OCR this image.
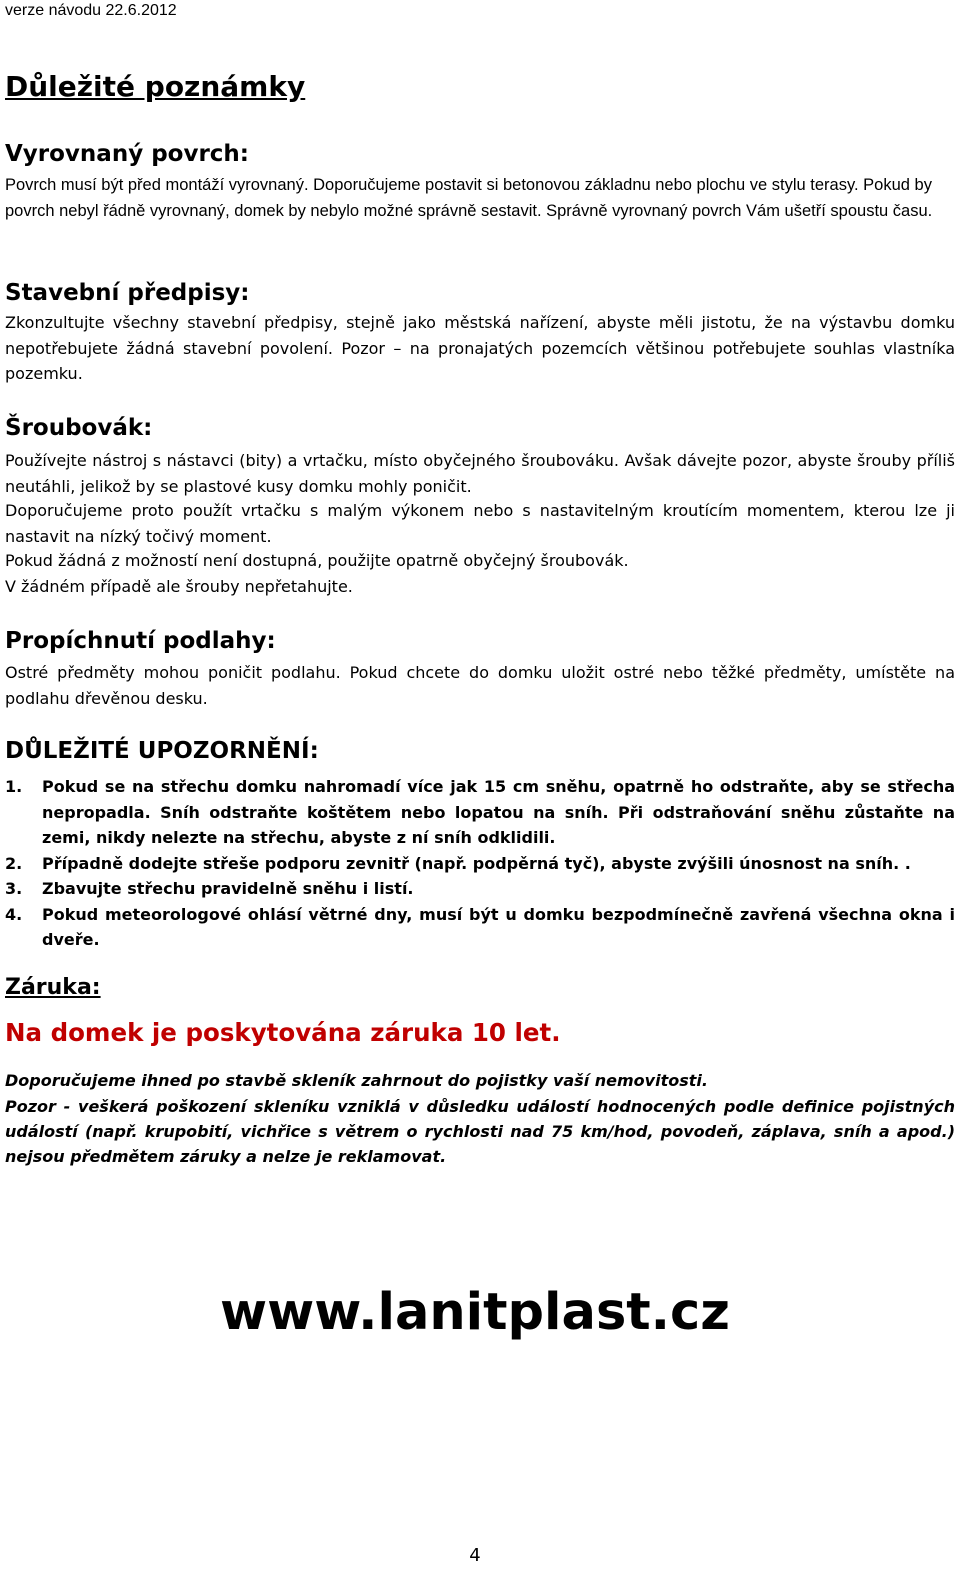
verze návodu 22.6.2012
Důležité poznámky
Vyrovnaný povrch:

Povrch musí být před montáží vyrovnaný. Doporučujeme postavit si betonovou základnu nebo plochu ve stylu terasy. Pokud by povrch nebyl řádně vyrovnaný, domek by nebylo možné správně sestavit. Správně vyrovnaný povrch Vám ušetří spoustu času.

Stavební předpisy:

Zkonzultujte všechny stavební předpisy, stejně jako městská nařízení, abyste měli jistotu, že na výstavbu domku nepotřebujete žádná stavební povolení. Pozor – na pronajatých pozemcích většinou potřebujete souhlas vlastníka pozemku.

Šroubovák:

Používejte nástroj s nástavci (bity) a vrtačku, místo obyčejného šroubováku. Avšak dávejte pozor, abyste šrouby příliš neutáhli, jelikož by se plastové kusy domku mohly poničit.

Doporučujeme proto použít vrtačku s malým výkonem nebo s nastavitelným kroutícím momentem, kterou lze ji nastavit na nízký točivý moment.

Pokud žádná z možností není dostupná, použijte opatrně obyčejný šroubovák.

V žádném případě ale šrouby nepřetahujte.

Propíchnutí podlahy:

Ostré předměty mohou poničit podlahu. Pokud chcete do domku uložit ostré nebo těžké předměty, umístěte na podlahu dřevěnou desku.

DŮLEŽITÉ UPOZORNĚNÍ:
1. Pokud se na střechu domku nahromadí více jak 15 cm sněhu, opatrně ho odstraňte, aby se střecha nepropadla. Sníh odstraňte koštětem nebo lopatou na sníh. Při odstraňování sněhu zůstaňte na zemi, nikdy nelezte na střechu, abyste z ní sníh odklidili.
2. Případně dodejte střeše podporu zevnitř (např. podpěrná tyč), abyste zvýšili únosnost na sníh. .
3. Zbavujte střechu pravidelně sněhu i listí.
4. Pokud meteorologové ohlásí větrné dny, musí být u domku bezpodmínečně zavřená všechna okna i dveře.
Záruka:

Na domek je poskytována záruka 10 let.

Doporučujeme ihned po stavbě skleník zahrnout do pojistky vaší nemovitosti.

Pozor - veškerá poškození skleníku vzniklá v důsledku událostí hodnocených podle definice pojistných událostí (např. krupobití, vichřice s větrem o rychlosti nad 75 km/hod, povodeň, záplava, sníh a apod.) nejsou předmětem záruky a nelze je reklamovat.

www.lanitplast.cz

4
